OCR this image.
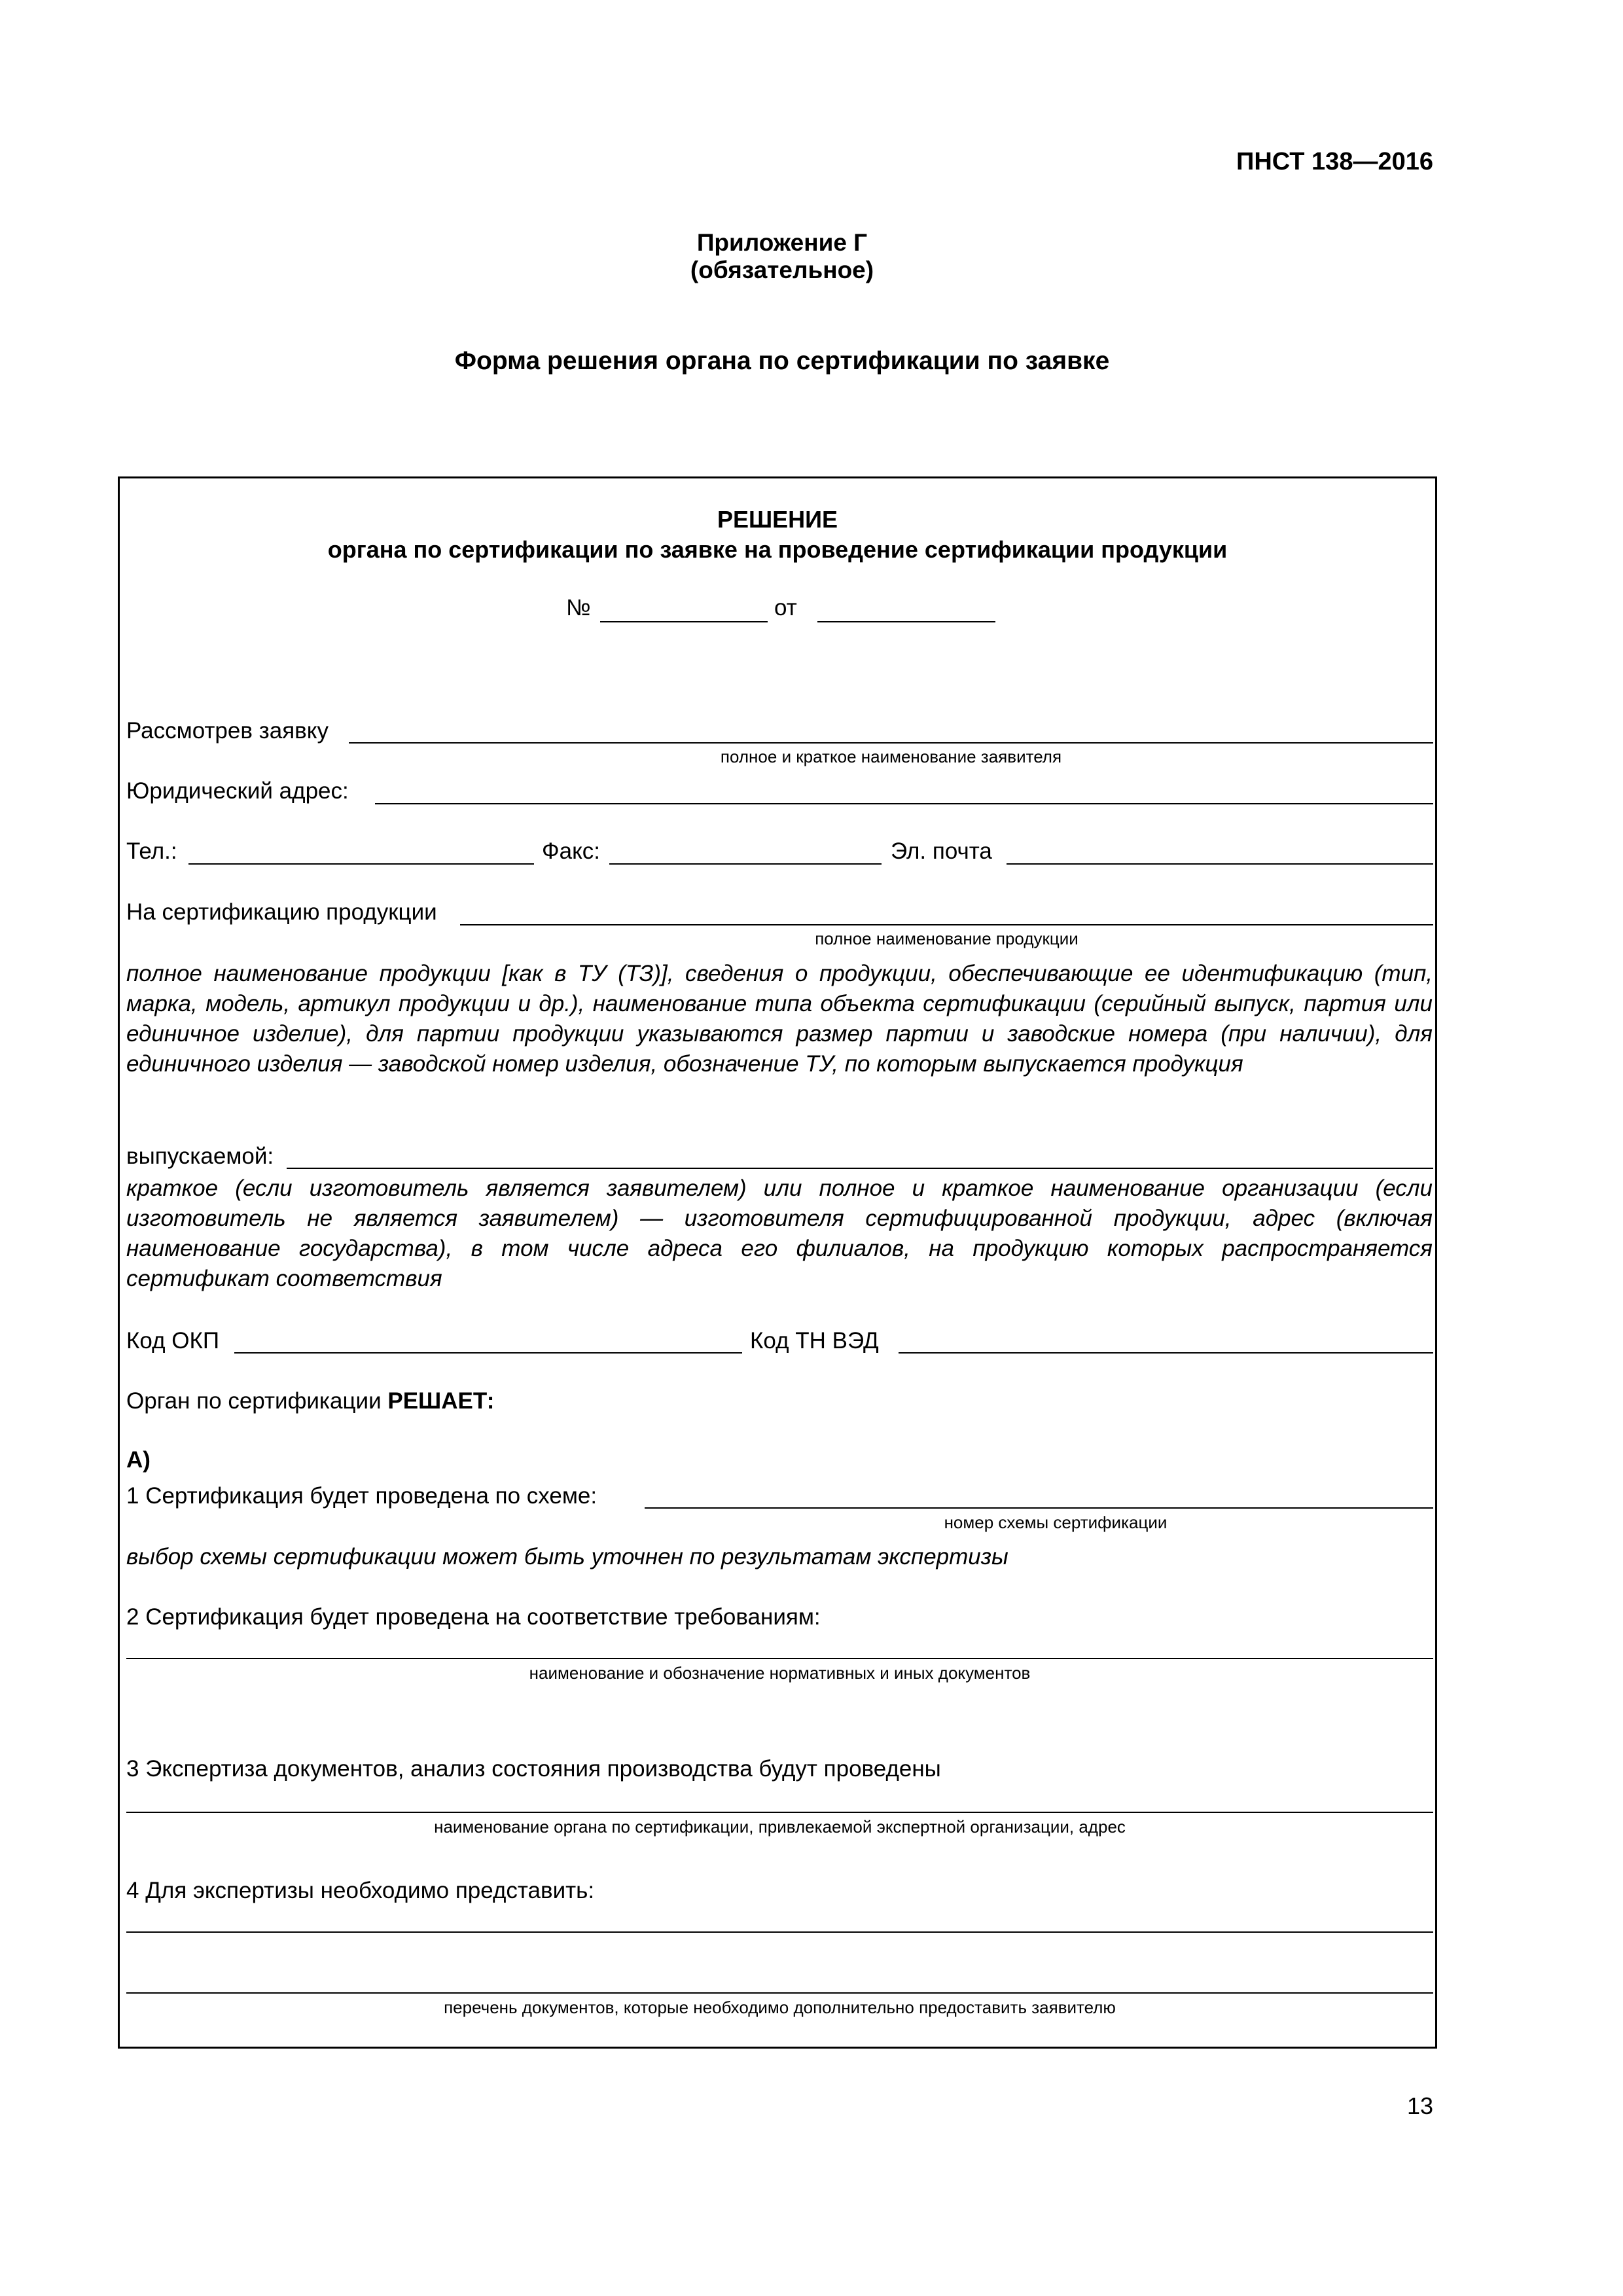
ПНСТ 138—2016
Приложение Г
(обязательное)
Форма решения органа по сертификации по заявке
РЕШЕНИЕ
органа по сертификации по заявке на проведение сертификации продукции
№	от
Рассмотрев заявку
полное и краткое наименование заявителя
Юридический адрес:
Тел.:	Факс:	Эл. почта
На сертификацию продукции
полное наименование продукции
полное наименование продукции [как в ТУ (ТЗ)], сведения о продукции, обеспечивающие ее идентификацию (тип, марка, модель, артикул продукции и др.), наименование типа объекта сертификации (серийный выпуск, партия или единичное изделие), для партии продукции указываются размер партии и заводские номера (при наличии), для единичного изделия — заводской номер изделия, обозначение ТУ, по которым выпускается продукция
выпускаемой:
краткое (если изготовитель является заявителем) или полное и краткое наименование организации (если изготовитель не является заявителем) — изготовителя сертифицированной продукции, адрес (включая наименование государства), в том числе адреса его филиалов, на продукцию которых распространяется сертификат соответствия
Код ОКП	Код ТН ВЭД
Орган по сертификации РЕШАЕТ:
А)
1 Сертификация будет проведена по схеме:
номер схемы сертификации
выбор схемы сертификации может быть уточнен по результатам экспертизы
2 Сертификация будет проведена на соответствие требованиям:
наименование и обозначение нормативных и иных документов
3 Экспертиза документов, анализ состояния производства будут проведены
наименование органа по сертификации, привлекаемой экспертной организации, адрес
4 Для экспертизы необходимо представить:
перечень документов, которые необходимо дополнительно предоставить заявителю
13
